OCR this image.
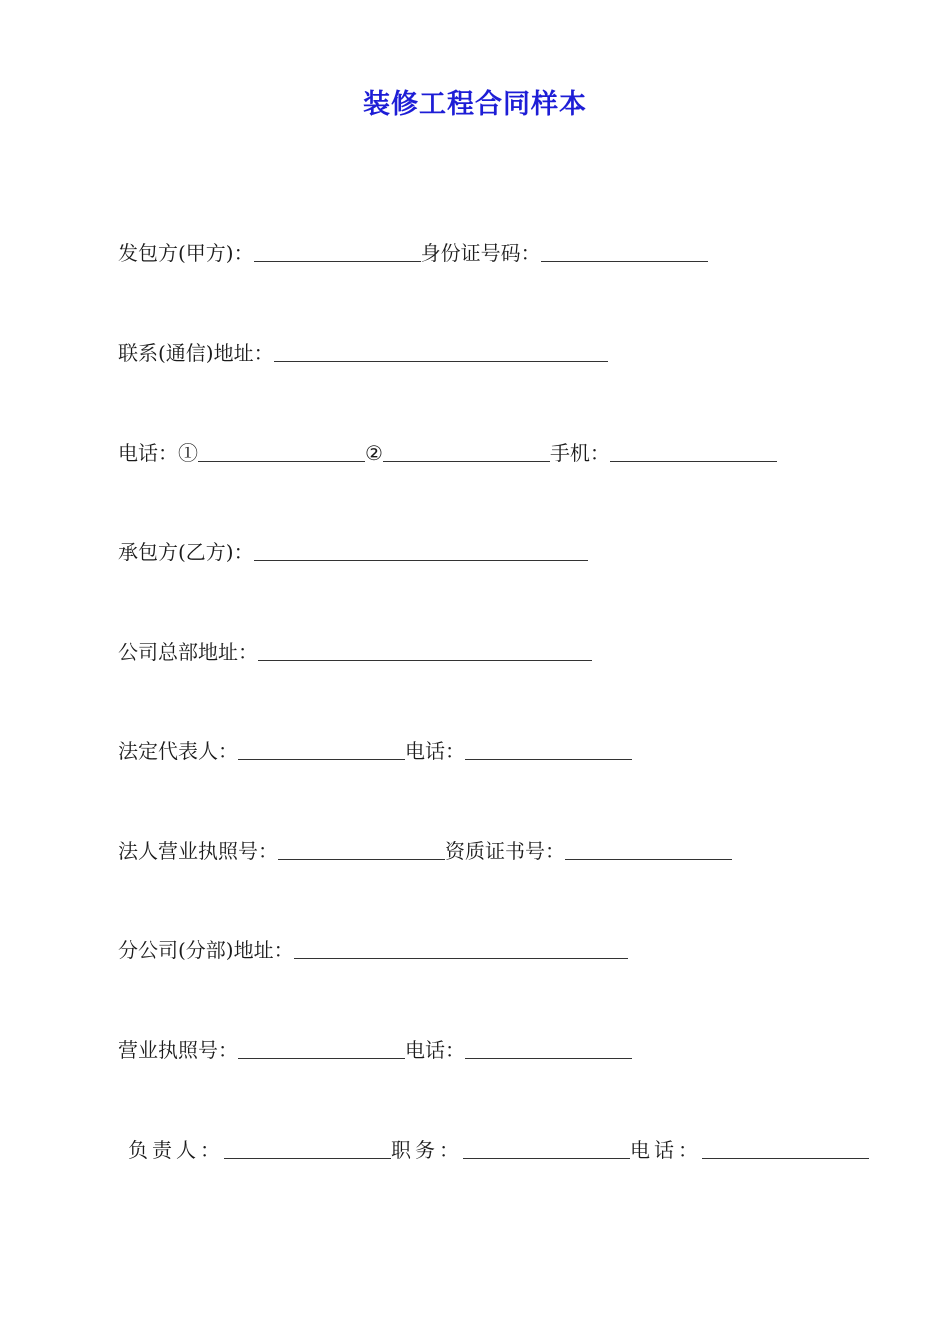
装修工程合同样本
发包方(甲方)：	身份证号码：
联系(通信)地址：
电话：①	②	手机：
承包方(乙方)：
公司总部地址：
法定代表人：	电话：
法人营业执照号：	资质证书号：
分公司(分部)地址：
营业执照号：	电话：
负责人：	职务：	电话：
